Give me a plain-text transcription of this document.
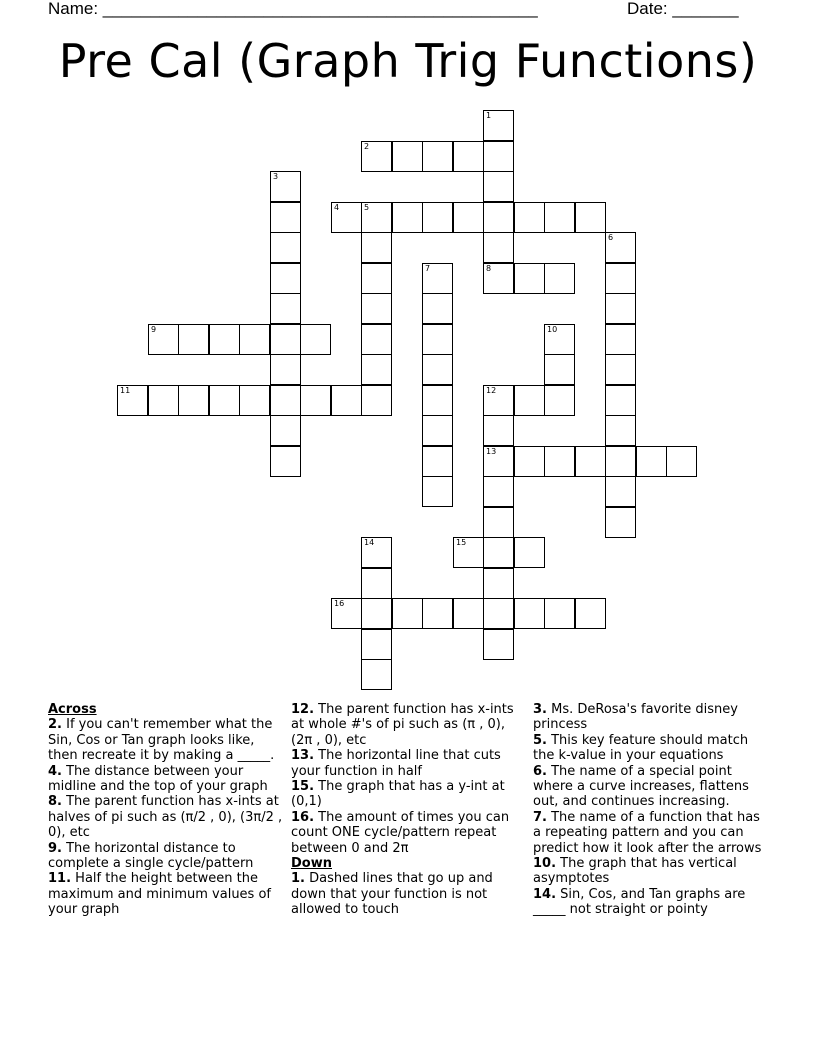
Name: ______________________________________________	Date: _______
Pre Cal (Graph Trig Functions)
1
8
2
3
4	5
6
7
9	10
11	12
13
14	15
16
Across

2. If you can't remember what the Sin, Cos or Tan graph looks like, then recreate it by making a _____.

4. The distance between your midline and the top of your graph

8. The parent function has x-ints at halves of pi such as (π/2 , 0), (3π/2 , 0), etc

9. The horizontal distance to complete a single cycle/pattern

11. Half the height between the maximum and minimum values of your graph

12. The parent function has x-ints at whole #'s of pi such as (π , 0), (2π , 0), etc

13. The horizontal line that cuts your function in half

15. The graph that has a y-int at (0,1)

16. The amount of times you can count ONE cycle/pattern repeat between 0 and 2π

Down

1. Dashed lines that go up and down that your function is not allowed to touch

3. Ms. DeRosa's favorite disney princess

5. This key feature should match the k-value in your equations

6. The name of a special point where a curve increases, flattens out, and continues increasing.

7. The name of a function that has a repeating pattern and you can predict how it look after the arrows

10. The graph that has vertical asymptotes

14. Sin, Cos, and Tan graphs are _____ not straight or pointy
